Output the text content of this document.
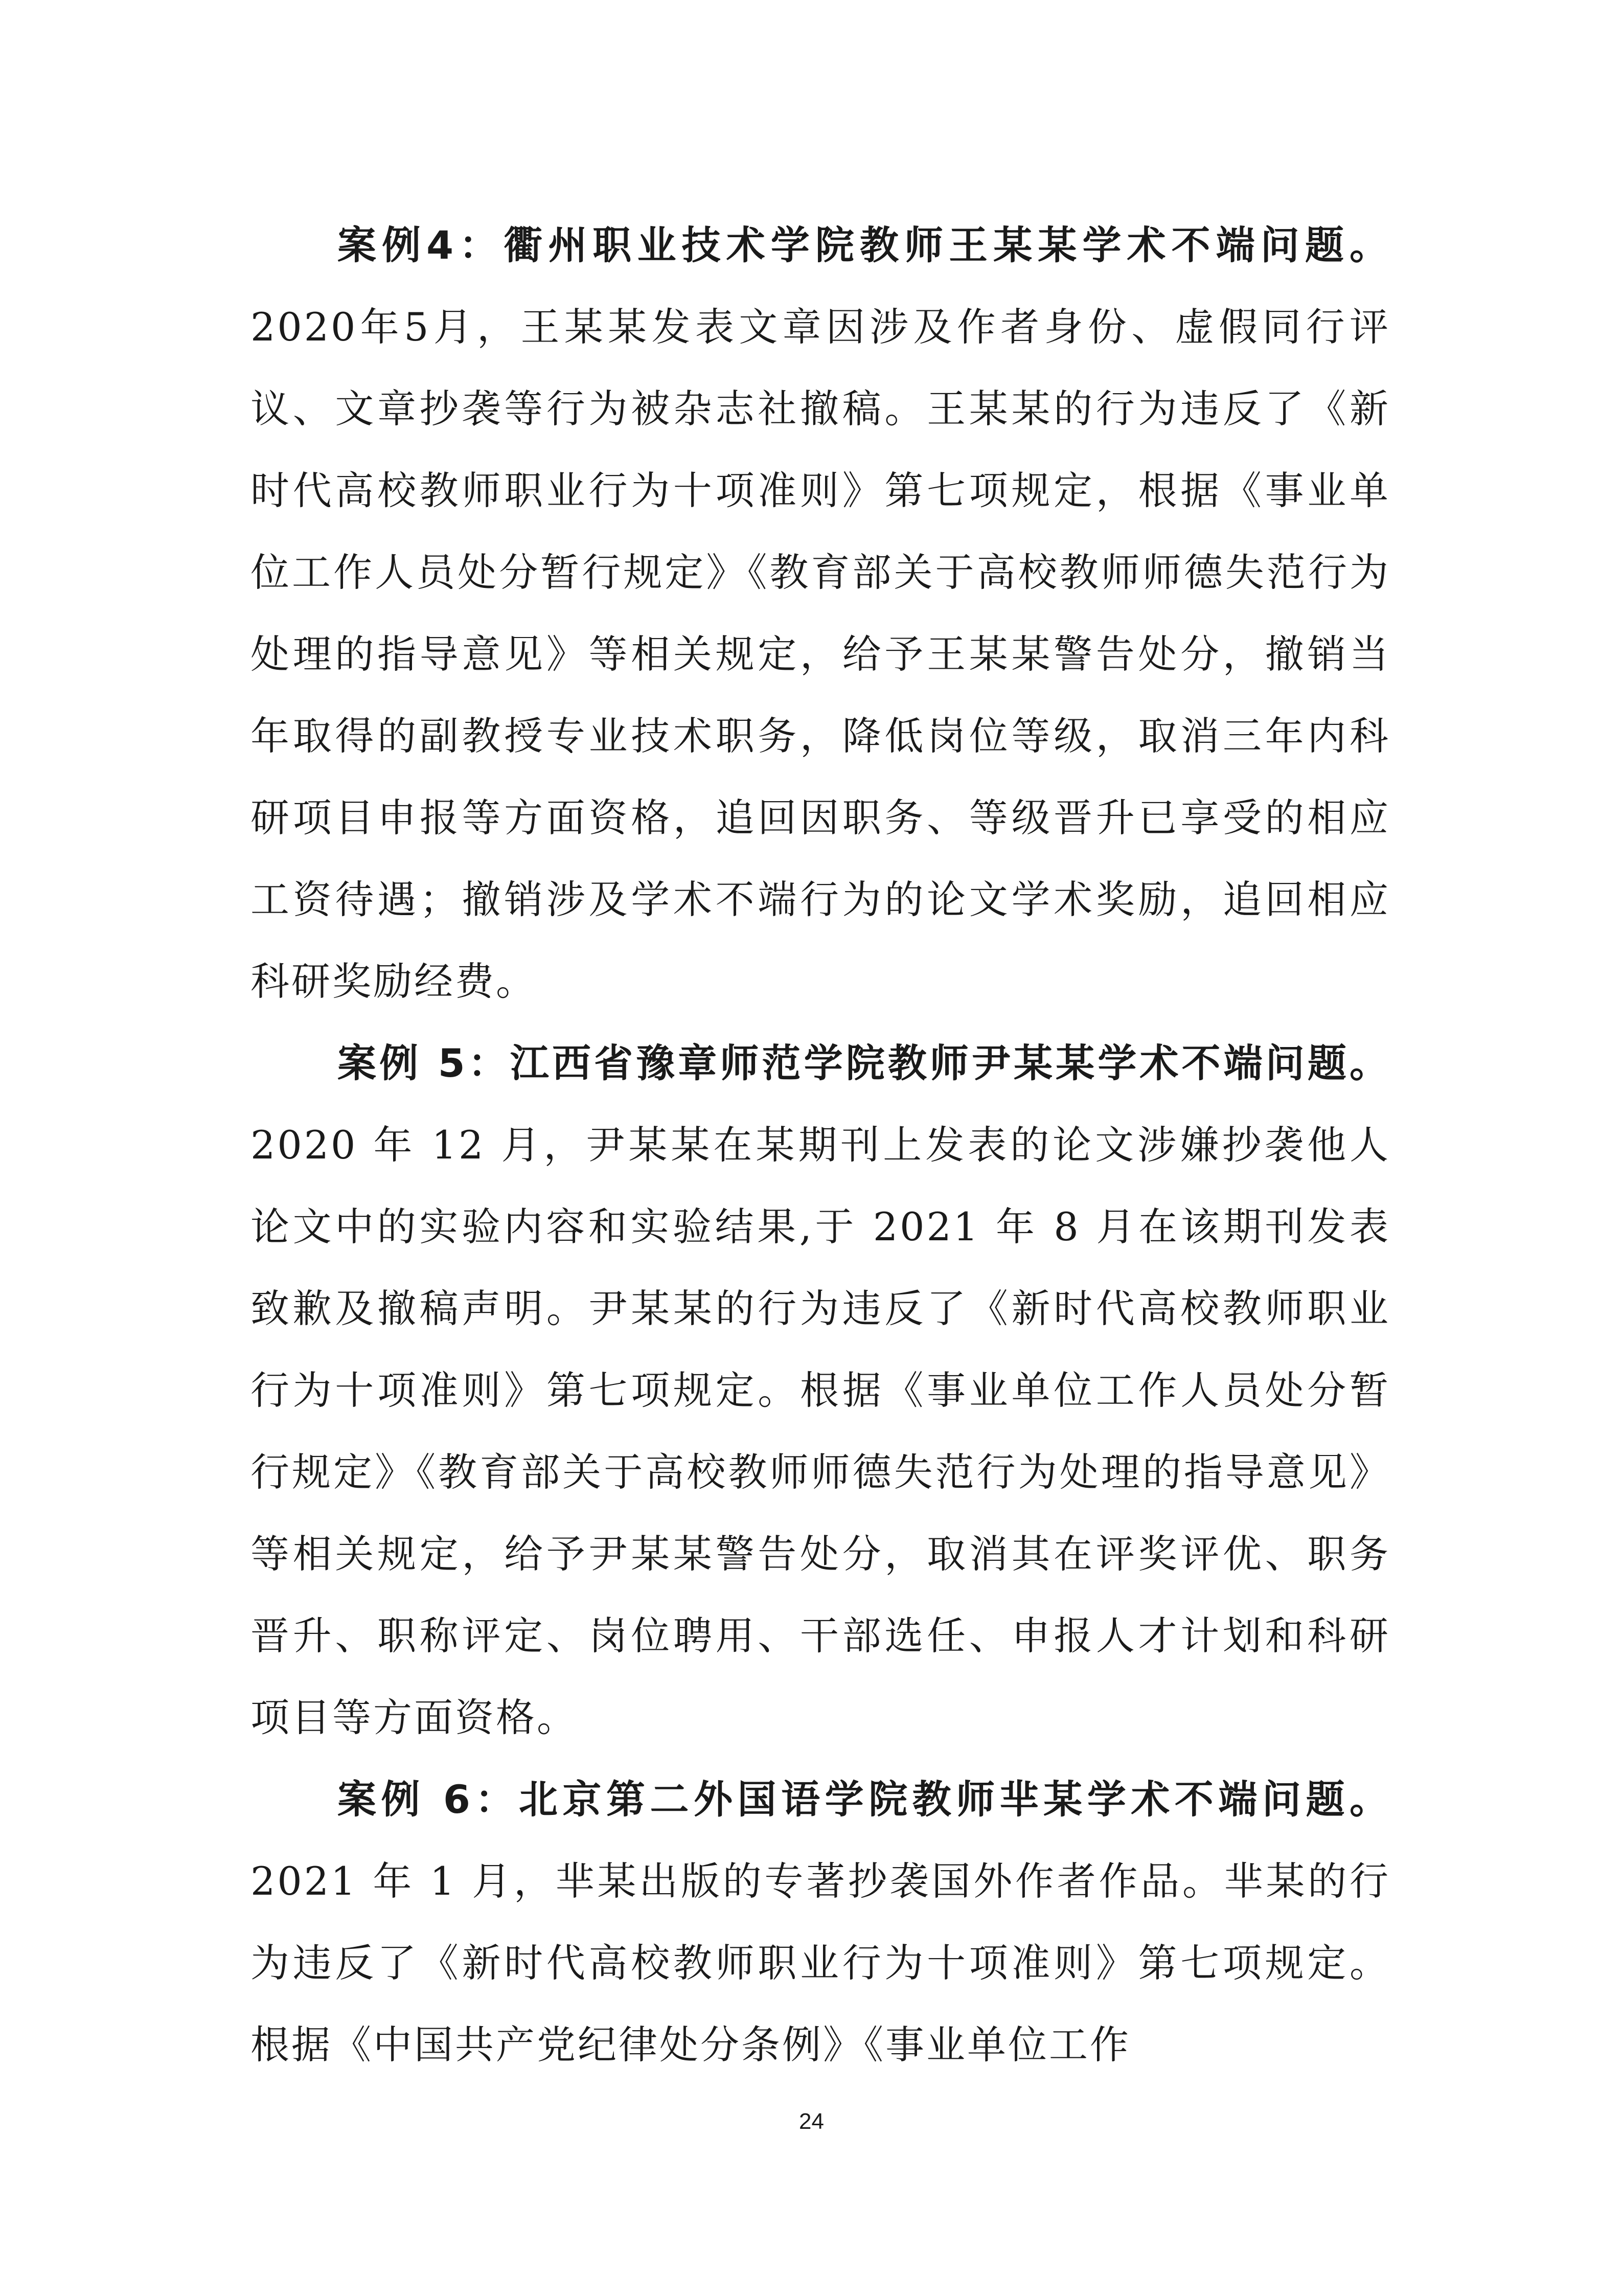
案例4：衢州职业技术学院教师王某某学术不端问题。2020年5月，王某某发表文章因涉及作者身份、虚假同行评议、文章抄袭等行为被杂志社撤稿。王某某的行为违反了《新时代高校教师职业行为十项准则》第七项规定，根据《事业单位工作人员处分暂行规定》《教育部关于高校教师师德失范行为处理的指导意见》等相关规定，给予王某某警告处分，撤销当年取得的副教授专业技术职务，降低岗位等级，取消三年内科研项目申报等方面资格，追回因职务、等级晋升已享受的相应工资待遇；撤销涉及学术不端行为的论文学术奖励，追回相应科研奖励经费。

案例 5：江西省豫章师范学院教师尹某某学术不端问题。2020 年 12 月，尹某某在某期刊上发表的论文涉嫌抄袭他人论文中的实验内容和实验结果,于 2021 年 8 月在该期刊发表致歉及撤稿声明。尹某某的行为违反了《新时代高校教师职业行为十项准则》第七项规定。根据《事业单位工作人员处分暂行规定》《教育部关于高校教师师德失范行为处理的指导意见》等相关规定，给予尹某某警告处分，取消其在评奖评优、职务晋升、职称评定、岗位聘用、干部选任、申报人才计划和科研项目等方面资格。

案例 6：北京第二外国语学院教师芈某学术不端问题。2021 年 1 月，芈某出版的专著抄袭国外作者作品。芈某的行为违反了《新时代高校教师职业行为十项准则》第七项规定。根据《中国共产党纪律处分条例》《事业单位工作

24
